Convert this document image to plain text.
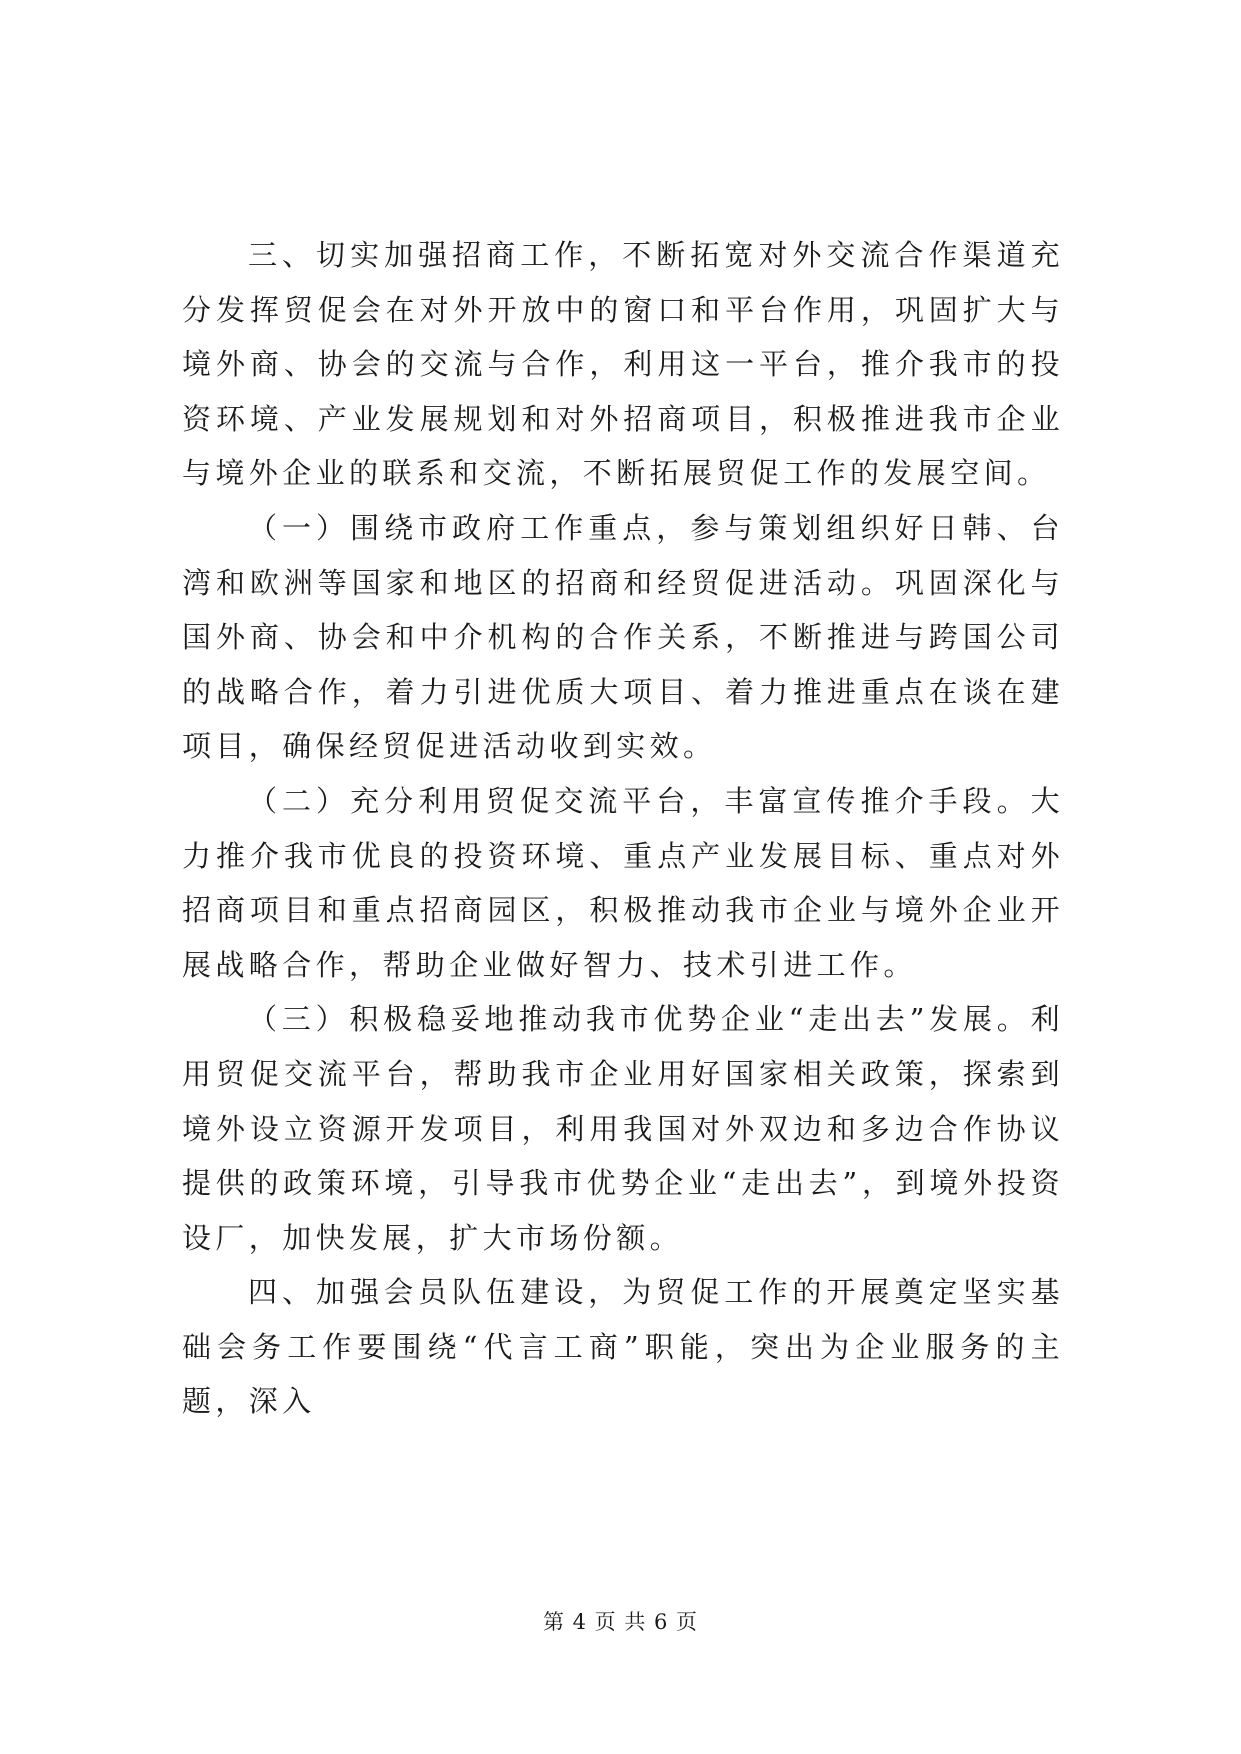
三、切实加强招商工作，不断拓宽对外交流合作渠道充分发挥贸促会在对外开放中的窗口和平台作用，巩固扩大与境外商、协会的交流与合作，利用这一平台，推介我市的投资环境、产业发展规划和对外招商项目，积极推进我市企业与境外企业的联系和交流，不断拓展贸促工作的发展空间。

（一）围绕市政府工作重点，参与策划组织好日韩、台湾和欧洲等国家和地区的招商和经贸促进活动。巩固深化与国外商、协会和中介机构的合作关系，不断推进与跨国公司的战略合作，着力引进优质大项目、着力推进重点在谈在建项目，确保经贸促进活动收到实效。

（二）充分利用贸促交流平台，丰富宣传推介手段。大力推介我市优良的投资环境、重点产业发展目标、重点对外招商项目和重点招商园区，积极推动我市企业与境外企业开展战略合作，帮助企业做好智力、技术引进工作。

（三）积极稳妥地推动我市优势企业“走出去”发展。利用贸促交流平台，帮助我市企业用好国家相关政策，探索到境外设立资源开发项目，利用我国对外双边和多边合作协议提供的政策环境，引导我市优势企业“走出去”，到境外投资设厂，加快发展，扩大市场份额。

四、加强会员队伍建设，为贸促工作的开展奠定坚实基础会务工作要围绕“代言工商”职能，突出为企业服务的主题，深入

第 4 页 共 6 页
